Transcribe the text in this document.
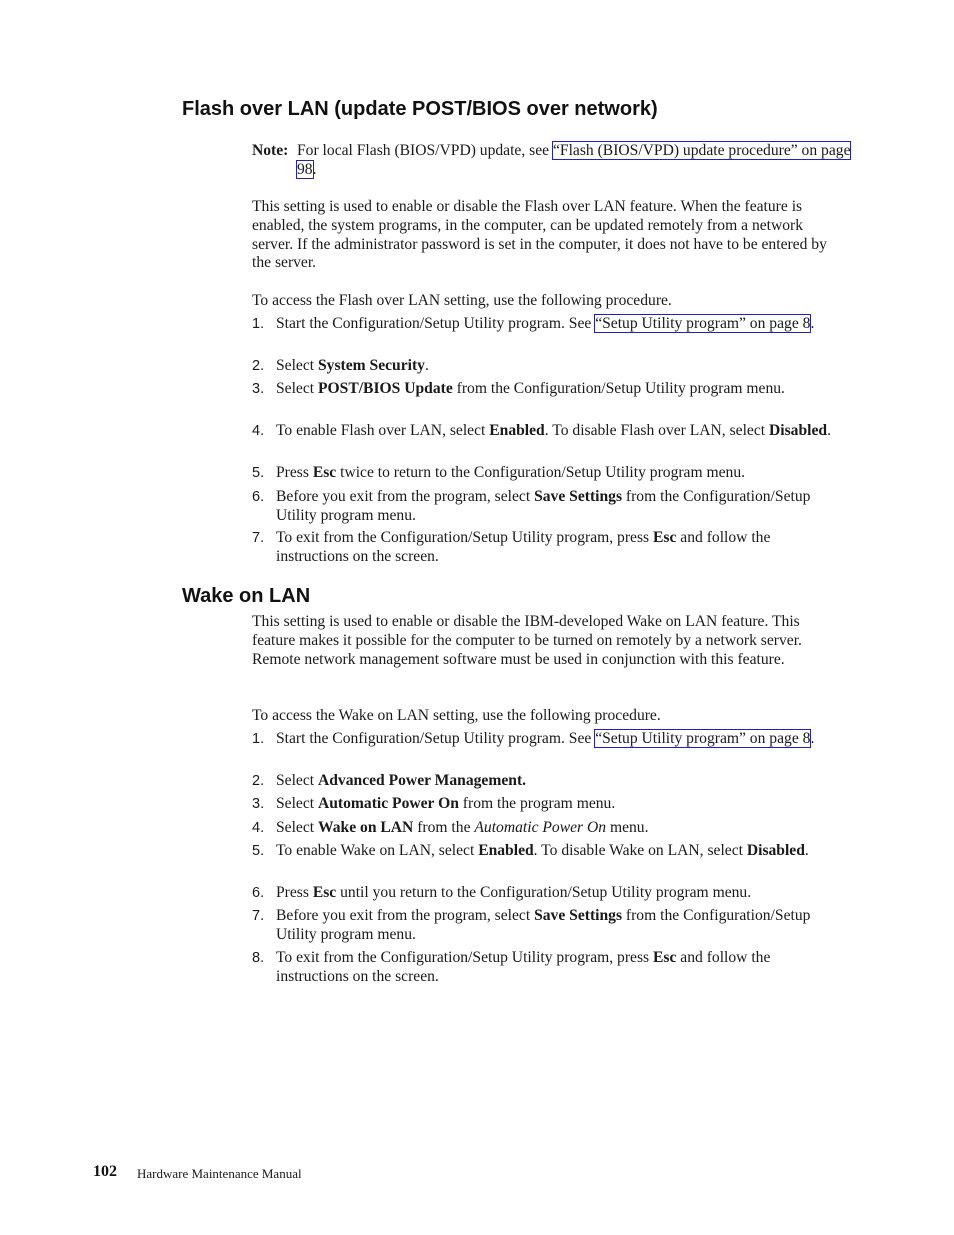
Flash over LAN (update POST/BIOS over network)

Note: For local Flash (BIOS/VPD) update, see “Flash (BIOS/VPD) update procedure” on page 98.

This setting is used to enable or disable the Flash over LAN feature. When the feature is enabled, the system programs, in the computer, can be updated remotely from a network server. If the administrator password is set in the computer, it does not have to be entered by the server.

To access the Flash over LAN setting, use the following procedure.

1. Start the Configuration/Setup Utility program. See “Setup Utility program” on page 8.
2. Select System Security.
3. Select POST/BIOS Update from the Configuration/Setup Utility program menu.
4. To enable Flash over LAN, select Enabled. To disable Flash over LAN, select Disabled.
5. Press Esc twice to return to the Configuration/Setup Utility program menu.
6. Before you exit from the program, select Save Settings from the Configuration/Setup Utility program menu.
7. To exit from the Configuration/Setup Utility program, press Esc and follow the instructions on the screen.
Wake on LAN

This setting is used to enable or disable the IBM-developed Wake on LAN feature. This feature makes it possible for the computer to be turned on remotely by a network server. Remote network management software must be used in conjunction with this feature.

To access the Wake on LAN setting, use the following procedure.

1. Start the Configuration/Setup Utility program. See “Setup Utility program” on page 8.
2. Select Advanced Power Management.
3. Select Automatic Power On from the program menu.
4. Select Wake on LAN from the Automatic Power On menu.
5. To enable Wake on LAN, select Enabled. To disable Wake on LAN, select Disabled.
6. Press Esc until you return to the Configuration/Setup Utility program menu.
7. Before you exit from the program, select Save Settings from the Configuration/Setup Utility program menu.
8. To exit from the Configuration/Setup Utility program, press Esc and follow the instructions on the screen.
102 Hardware Maintenance Manual
